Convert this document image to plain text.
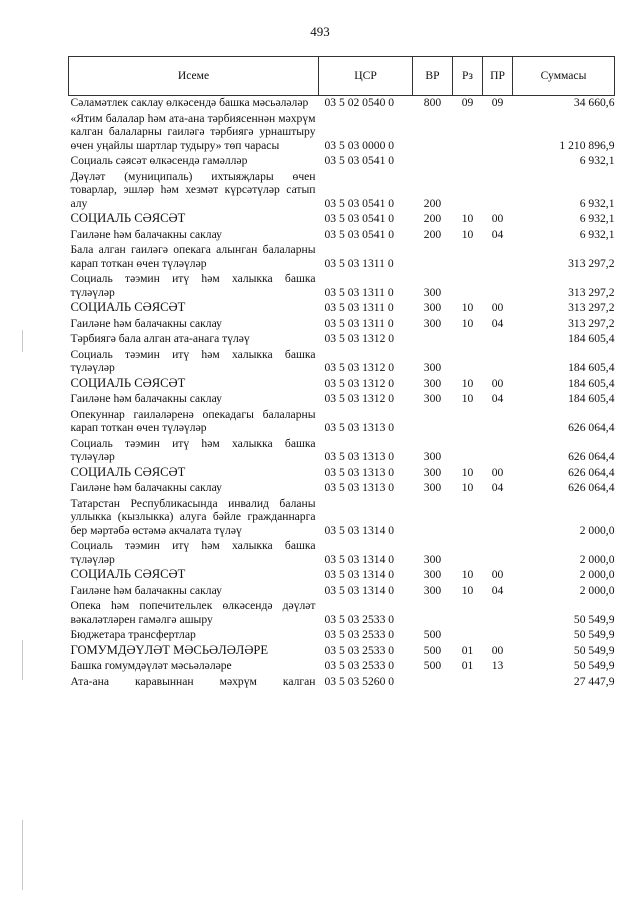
493
Исеме	ЦСР	ВР	Рз	ПР	Суммасы
Сәламәтлек саклау өлкәсендә башка мәсьәләләр	03 5 02 0540 0	800	09	09	34 660,6
«Ятим балалар һәм ата-ана тәрбиясеннән мәхрүм калган балаларны гаиләгә тәрбиягә урнаштыру өчен уңайлы шартлар тудыру» төп чарасы	03 5 03 0000 0				1 210 896,9
Социаль сәясәт өлкәсендә гамәлләр	03 5 03 0541 0				6 932,1
Дәүләт (муниципаль) ихтыяҗлары өчен товарлар, эшләр һәм хезмәт күрсәтүләр сатып алу	03 5 03 0541 0	200			6 932,1
СОЦИАЛЬ СӘЯСӘТ	03 5 03 0541 0	200	10	00	6 932,1
Гаиләне һәм балачакны саклау	03 5 03 0541 0	200	10	04	6 932,1
Бала алган гаиләгә опекага алынган балаларны карап тоткан өчен түләүләр	03 5 03 1311 0				313 297,2
Социаль тәэмин итү һәм халыкка башка түләүләр	03 5 03 1311 0	300			313 297,2
СОЦИАЛЬ СӘЯСӘТ	03 5 03 1311 0	300	10	00	313 297,2
Гаиләне һәм балачакны саклау	03 5 03 1311 0	300	10	04	313 297,2
Тәрбиягә бала алган ата-анага түләү	03 5 03 1312 0				184 605,4
Социаль тәэмин итү һәм халыкка башка түләүләр	03 5 03 1312 0	300			184 605,4
СОЦИАЛЬ СӘЯСӘТ	03 5 03 1312 0	300	10	00	184 605,4
Гаиләне һәм балачакны саклау	03 5 03 1312 0	300	10	04	184 605,4
Опекуннар гаиләләренә опекадагы балаларны карап тоткан өчен түләүләр	03 5 03 1313 0				626 064,4
Социаль тәэмин итү һәм халыкка башка түләүләр	03 5 03 1313 0	300			626 064,4
СОЦИАЛЬ СӘЯСӘТ	03 5 03 1313 0	300	10	00	626 064,4
Гаиләне һәм балачакны саклау	03 5 03 1313 0	300	10	04	626 064,4
Татарстан Республикасында инвалид баланы уллыкка (кызлыкка) алуга бәйле гражданнарга бер мәртәбә өстәмә акчалата түләү	03 5 03 1314 0				2 000,0
Социаль тәэмин итү һәм халыкка башка түләүләр	03 5 03 1314 0	300			2 000,0
СОЦИАЛЬ СӘЯСӘТ	03 5 03 1314 0	300	10	00	2 000,0
Гаиләне һәм балачакны саклау	03 5 03 1314 0	300	10	04	2 000,0
Опека һәм попечительлек өлкәсендә дәүләт вәкаләтләрен гамәлгә ашыру	03 5 03 2533 0				50 549,9
Бюджетара трансфертлар	03 5 03 2533 0	500			50 549,9
ГОМУМДӘҮЛӘТ МӘСЬӘЛӘЛӘРЕ	03 5 03 2533 0	500	01	00	50 549,9
Башка гомумдәүләт мәсьәләләре	03 5 03 2533 0	500	01	13	50 549,9
Ата-ана каравыннан мәхрүм калган	03 5 03 5260 0				27 447,9
